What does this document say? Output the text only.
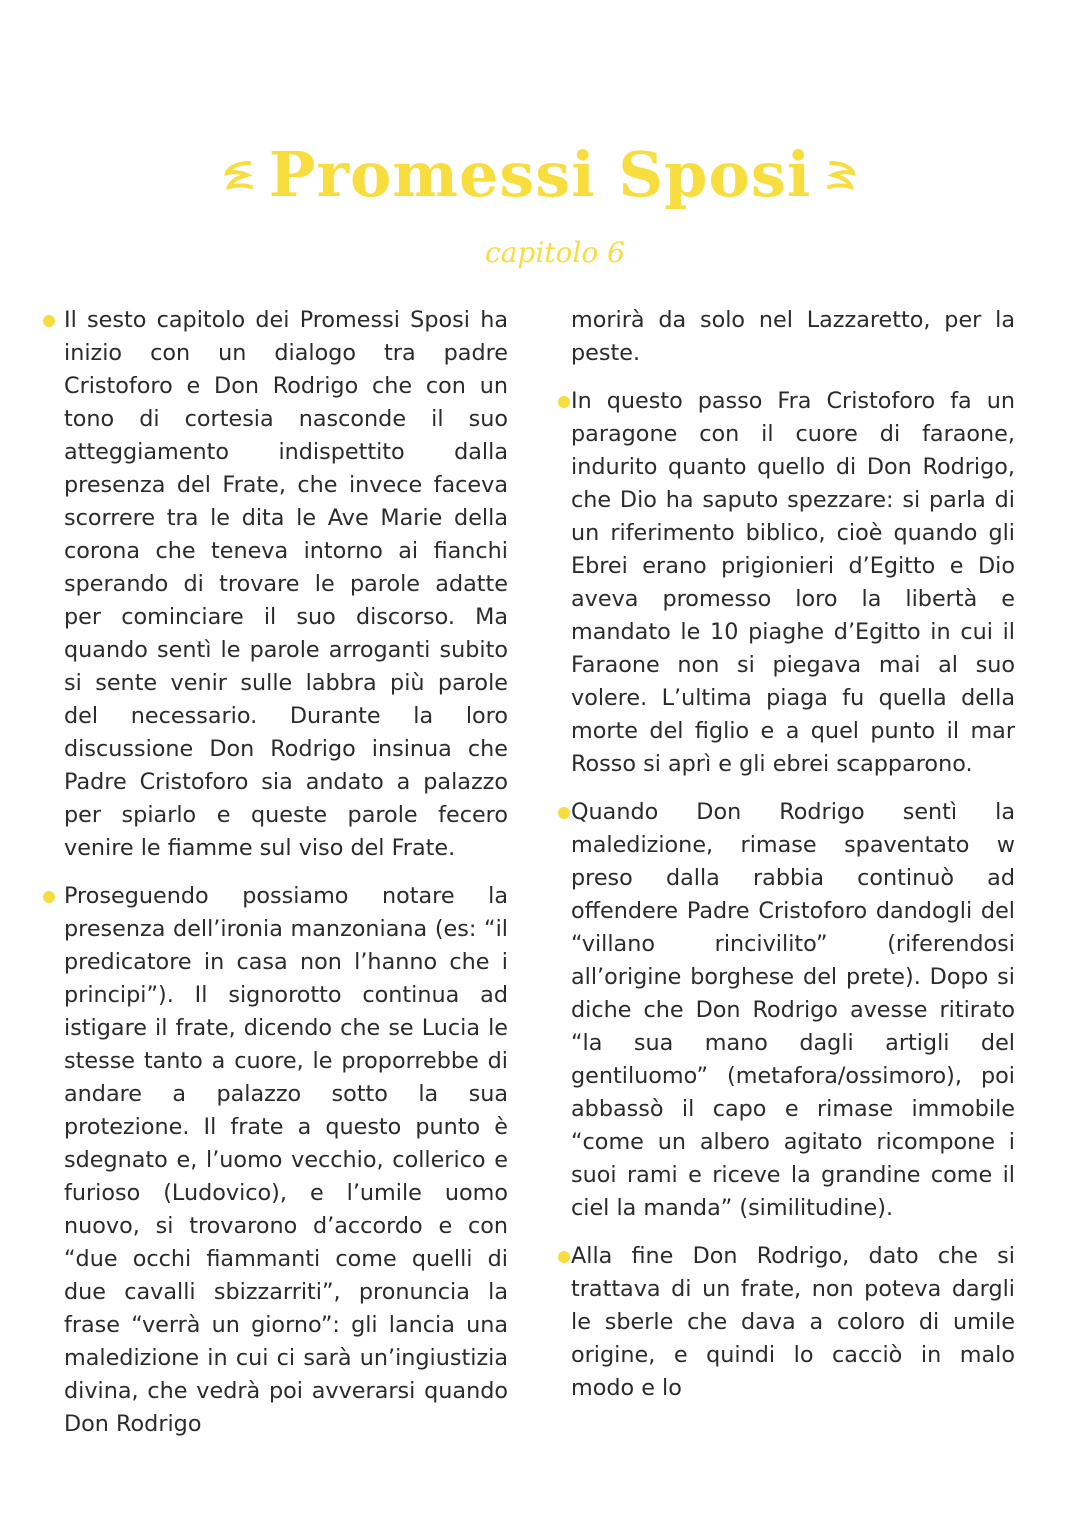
Promessi Sposi
capitolo 6

Il sesto capitolo dei Promessi Sposi ha inizio con un dialogo tra padre Cristoforo e Don Rodrigo che con un tono di cortesia nasconde il suo atteggiamento indispettito dalla presenza del Frate, che invece faceva scorrere tra le dita le Ave Marie della corona che teneva intorno ai fianchi sperando di trovare le parole adatte per cominciare il suo discorso. Ma quando sentì le parole arroganti subito si sente venir sulle labbra più parole del necessario. Durante la loro discussione Don Rodrigo insinua che Padre Cristoforo sia andato a palazzo per spiarlo e queste parole fecero venire le fiamme sul viso del Frate.

Proseguendo possiamo notare la presenza dell’ironia manzoniana (es: “il predicatore in casa non l’hanno che i principi”). Il signorotto continua ad istigare il frate, dicendo che se Lucia le stesse tanto a cuore, le proporrebbe di andare a palazzo sotto la sua protezione. Il frate a questo punto è sdegnato e, l’uomo vecchio, collerico e furioso (Ludovico), e l’umile uomo nuovo, si trovarono d’accordo e con “due occhi fiammanti come quelli di due cavalli sbizzarriti”, pronuncia la frase “verrà un giorno”: gli lancia una maledizione in cui ci sarà un’ingiustizia divina, che vedrà poi avverarsi quando Don Rodrigo

morirà da solo nel Lazzaretto, per la peste.

In questo passo Fra Cristoforo fa un paragone con il cuore di faraone, indurito quanto quello di Don Rodrigo, che Dio ha saputo spezzare: si parla di un riferimento biblico, cioè quando gli Ebrei erano prigionieri d’Egitto e Dio aveva promesso loro la libertà e mandato le 10 piaghe d’Egitto in cui il Faraone non si piegava mai al suo volere. L’ultima piaga fu quella della morte del figlio e a quel punto il mar Rosso si aprì e gli ebrei scapparono.

Quando Don Rodrigo sentì la maledizione, rimase spaventato w preso dalla rabbia continuò ad offendere Padre Cristoforo dandogli del “villano rincivilito” (riferendosi all’origine borghese del prete). Dopo si diche che Don Rodrigo avesse ritirato “la sua mano dagli artigli del gentiluomo” (metafora/ossimoro), poi abbassò il capo e rimase immobile “come un albero agitato ricompone i suoi rami e riceve la grandine come il ciel la manda” (similitudine).

Alla fine Don Rodrigo, dato che si trattava di un frate, non poteva dargli le sberle che dava a coloro di umile origine, e quindi lo cacciò in malo modo e lo
